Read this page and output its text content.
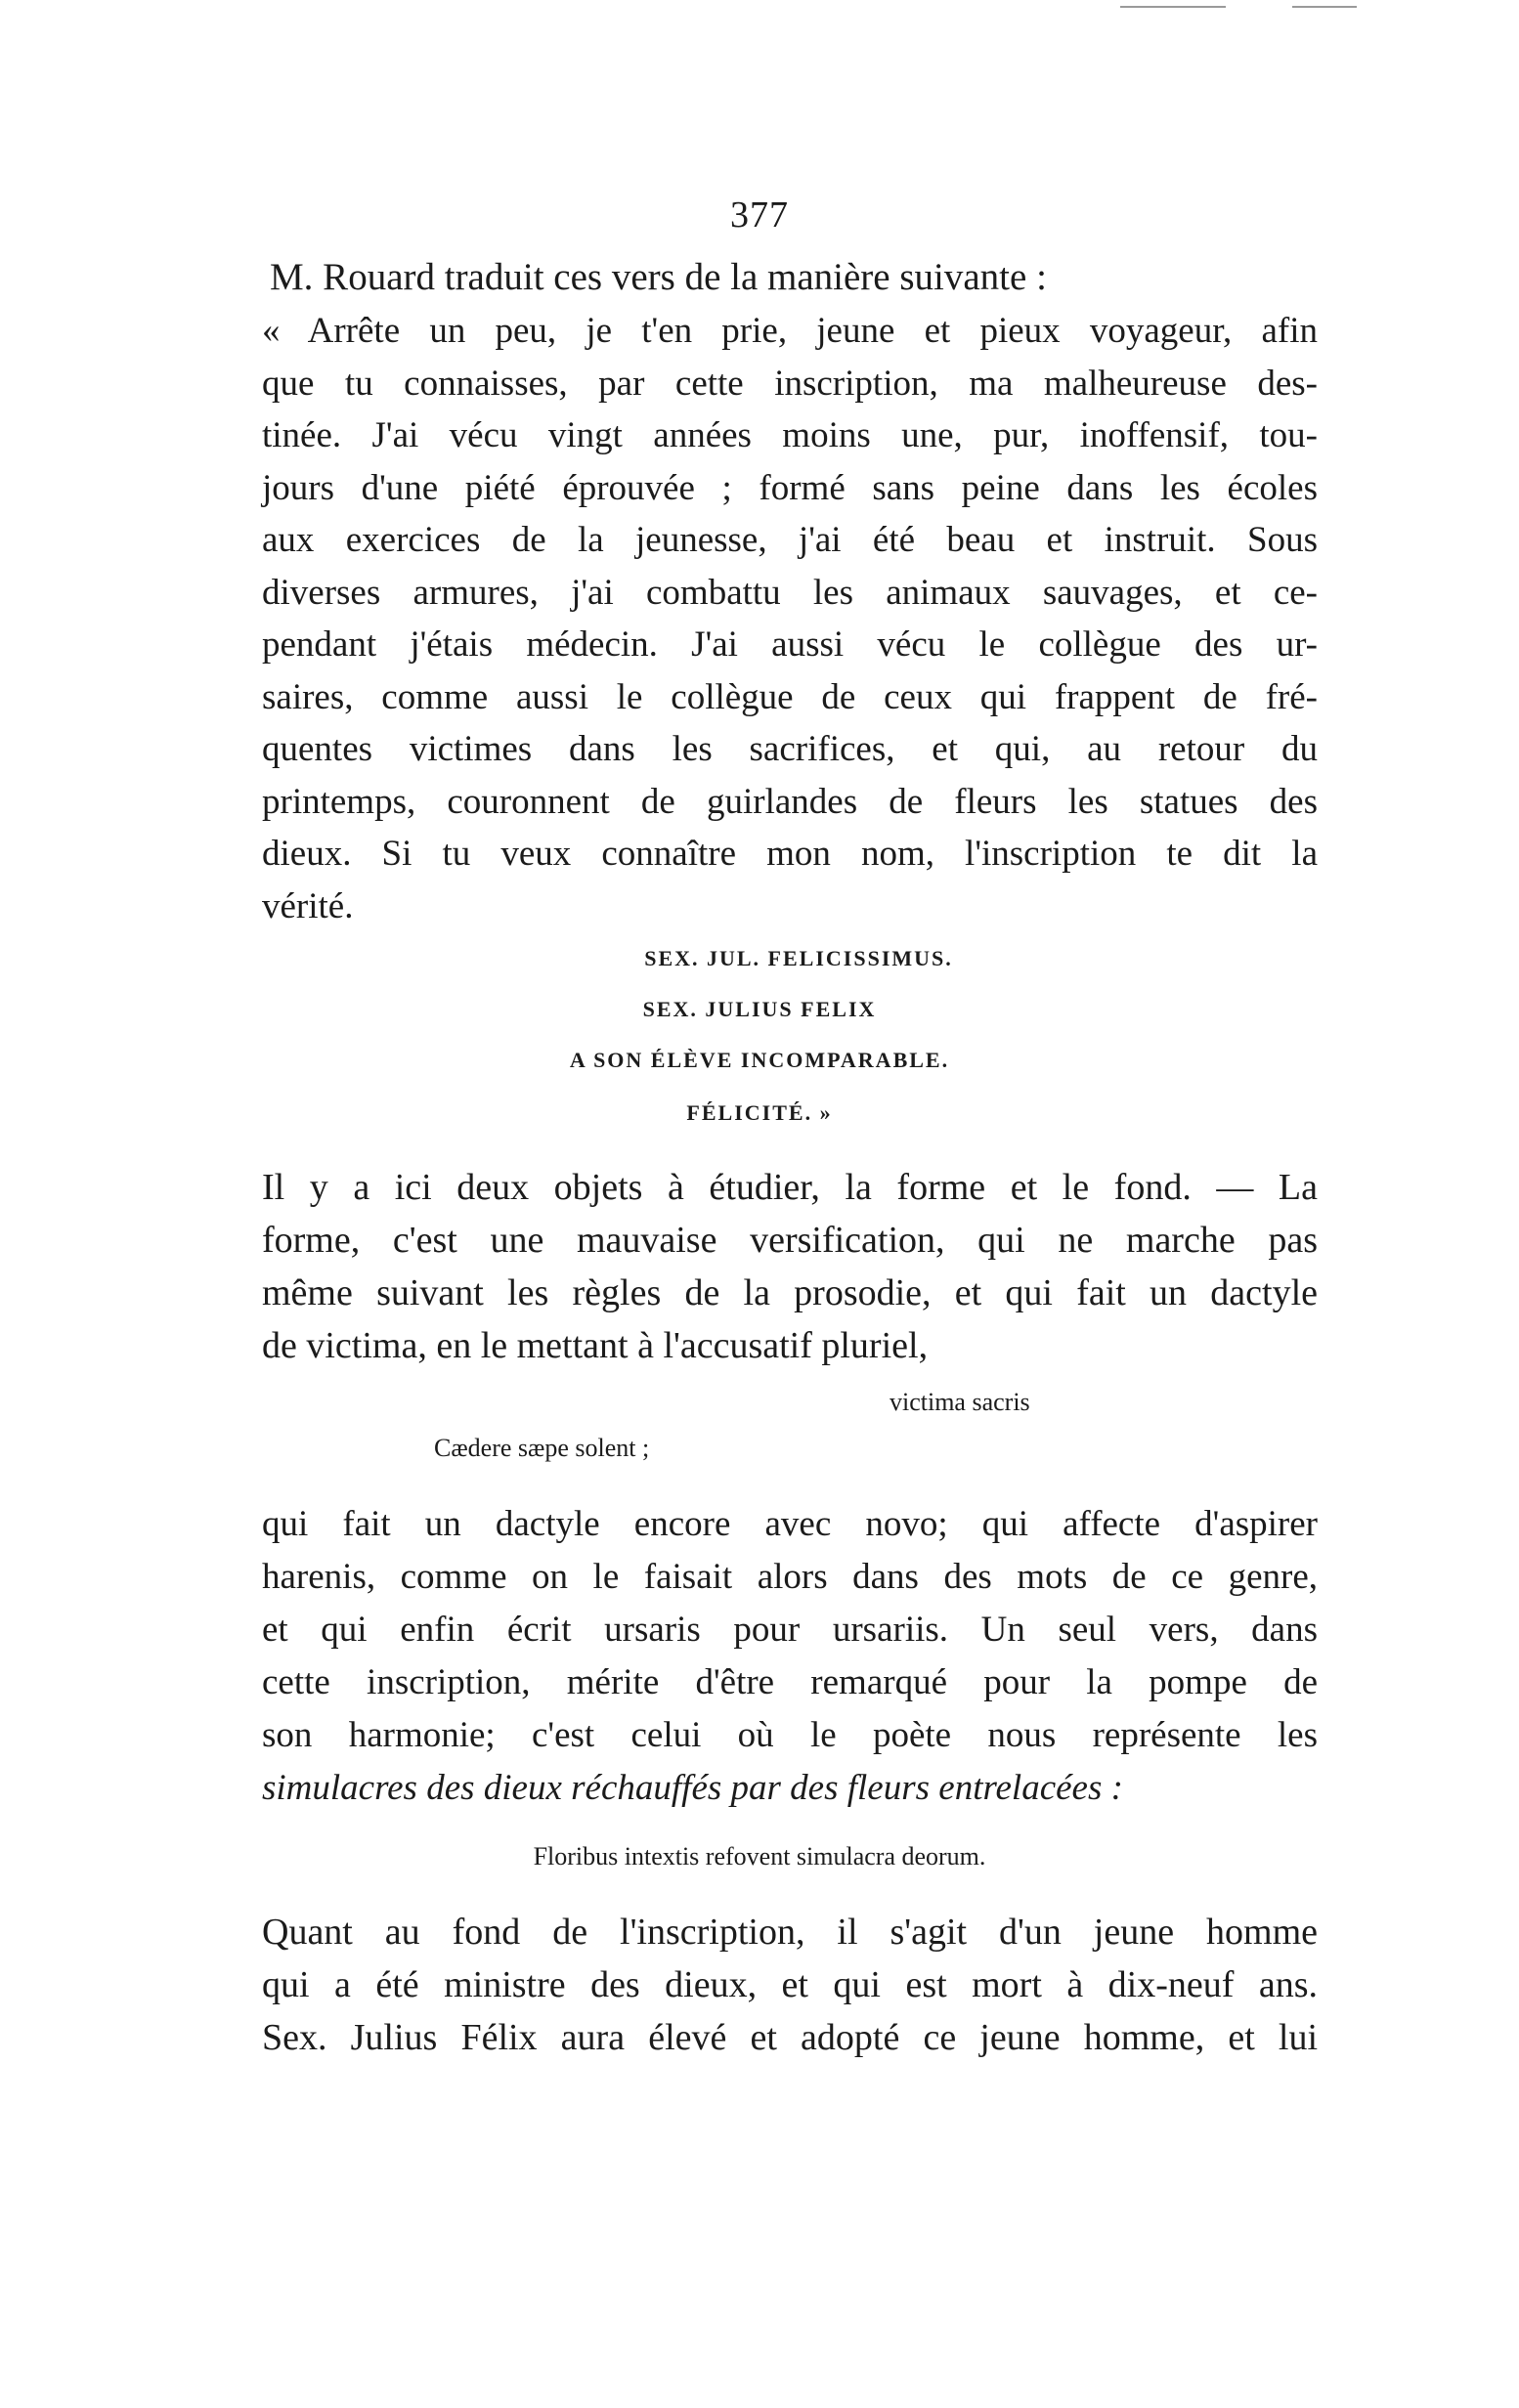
377
M. Rouard traduit ces vers de la manière suivante :
« Arrête un peu, je t'en prie, jeune et pieux voyageur, afin
que tu connaisses, par cette inscription, ma malheureuse des-
tinée. J'ai vécu vingt années moins une, pur, inoffensif, tou-
jours d'une piété éprouvée ; formé sans peine dans les écoles
aux exercices de la jeunesse, j'ai été beau et instruit. Sous
diverses armures, j'ai combattu les animaux sauvages, et ce-
pendant j'étais médecin. J'ai aussi vécu le collègue des ur-
saires, comme aussi le collègue de ceux qui frappent de fré-
quentes victimes dans les sacrifices, et qui, au retour du
printemps, couronnent de guirlandes de fleurs les statues des
dieux. Si tu veux connaître mon nom, l'inscription te dit la
vérité.
SEX. JUL. FELICISSIMUS.
SEX. JULIUS FELIX
A SON ÉLÈVE INCOMPARABLE.
FÉLICITÉ. »
Il y a ici deux objets à étudier, la forme et le fond. — La
forme, c'est une mauvaise versification, qui ne marche pas
même suivant les règles de la prosodie, et qui fait un dactyle
de victima, en le mettant à l'accusatif pluriel,
victima sacris
Cædere sæpe solent ;
qui fait un dactyle encore avec novo; qui affecte d'aspirer
harenis, comme on le faisait alors dans des mots de ce genre,
et qui enfin écrit ursaris pour ursariis. Un seul vers, dans
cette inscription, mérite d'être remarqué pour la pompe de
son harmonie; c'est celui où le poète nous représente les
simulacres des dieux réchauffés par des fleurs entrelacées :
Floribus intextis refovent simulacra deorum.
Quant au fond de l'inscription, il s'agit d'un jeune homme
qui a été ministre des dieux, et qui est mort à dix-neuf ans.
Sex. Julius Félix aura élevé et adopté ce jeune homme, et lui
